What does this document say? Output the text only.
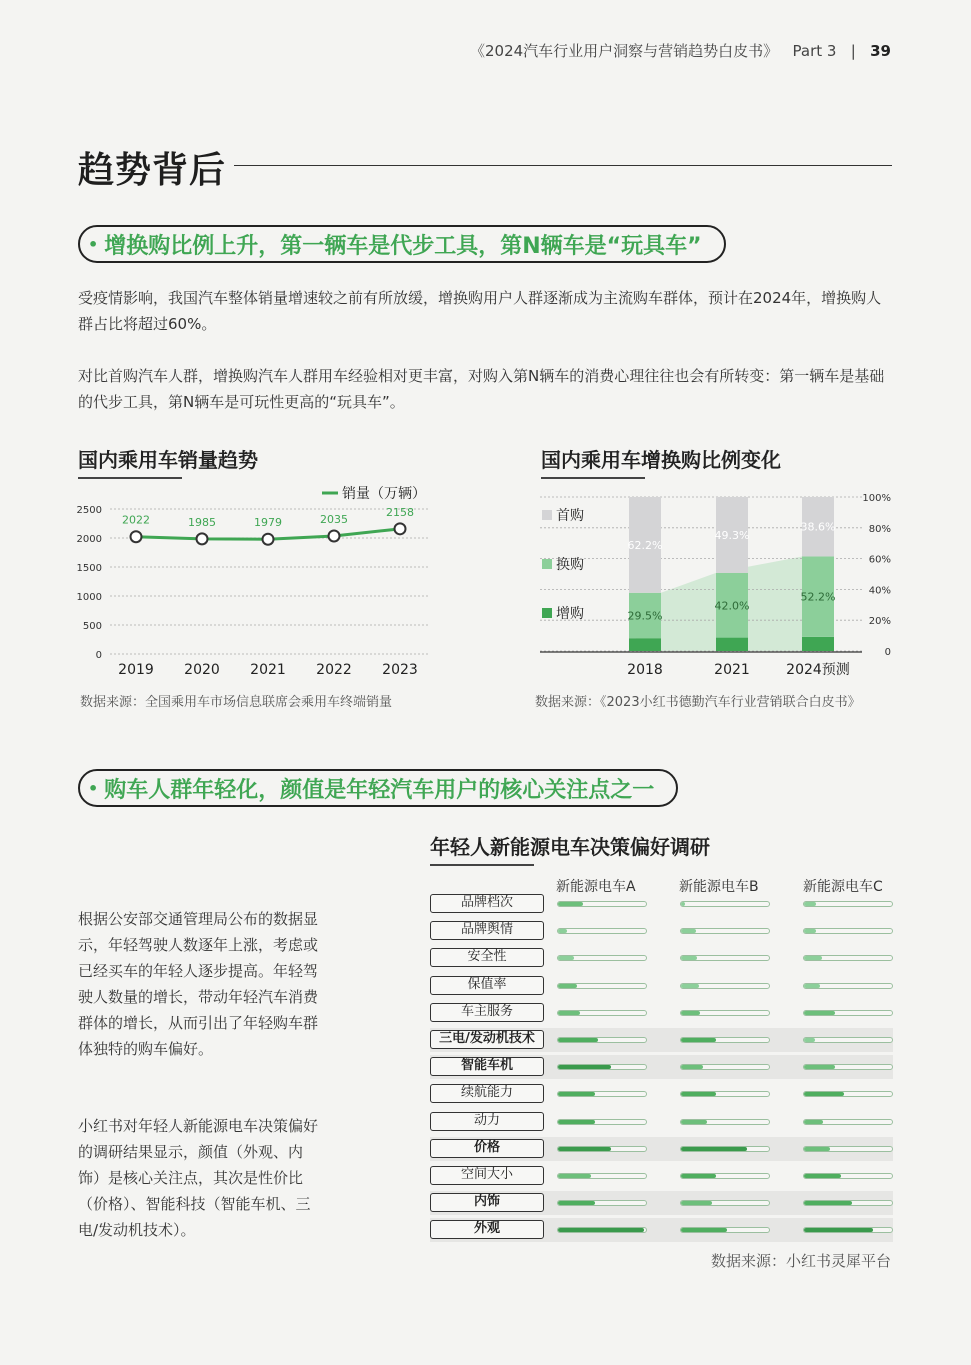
《2024汽车行业用户洞察与营销趋势白皮书》 Part 3 | 39
趋势背后
• 增换购比例上升，第一辆车是代步工具，第N辆车是“玩具车”
受疫情影响，我国汽车整体销量增速较之前有所放缓，增换购用户人群逐渐成为主流购车群体，预计在2024年，增换购人群占比将超过60%。
对比首购汽车人群，增换购汽车人群用车经验相对更丰富，对购入第N辆车的消费心理往往也会有所转变：第一辆车是基础的代步工具，第N辆车是可玩性更高的“玩具车”。
国内乘用车销量趋势	国内乘用车增换购比例变化
0
500
1000
1500
2000
2500
2019 2020 2021 2022 2023
2022	1985	1979	2035
2158
销量（万辆）
数据来源：全国乘用车市场信息联席会乘用车终端销量
0
20%
40%
60%
80%
100%
29.5%
62.2%
2018
42.0%
49.3%
2021
52.2%
38.6%
2024预测
首购
换购
增购
数据来源：《2023小红书德勤汽车行业营销联合白皮书》
• 购车人群年轻化，颜值是年轻汽车用户的核心关注点之一
年轻人新能源电车决策偏好调研
根据公安部交通管理局公布的数据显示，年轻驾驶人数逐年上涨，考虑或已经买车的年轻人逐步提高。年轻驾驶人数量的增长，带动年轻汽车消费群体的增长，从而引出了年轻购车群体独特的购车偏好。
小红书对年轻人新能源电车决策偏好的调研结果显示，颜值（外观、内饰）是核心关注点，其次是性价比（价格）、智能科技（智能车机、三电/发动机技术）。
新能源电车A	新能源电车B	新能源电车C
品牌档次
品牌舆情
安全性
保值率
车主服务
三电/发动机技术
智能车机
续航能力
动力
价格
空间大小
内饰
外观
数据来源：小红书灵犀平台
